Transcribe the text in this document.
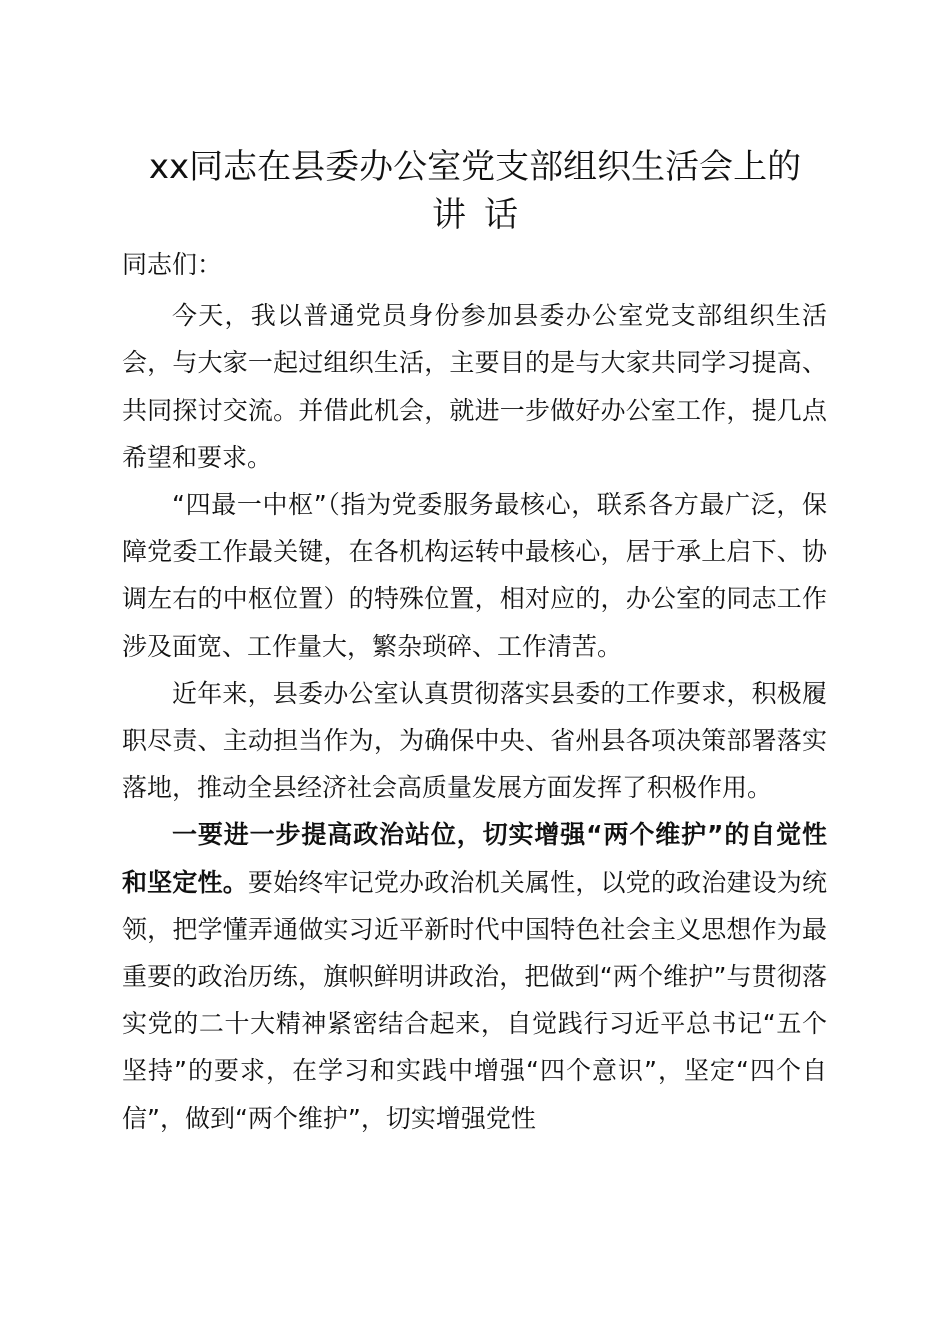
xx同志在县委办公室党支部组织生活会上的
讲话

同志们：

今天，我以普通党员身份参加县委办公室党支部组织生活会，与大家一起过组织生活，主要目的是与大家共同学习提高、共同探讨交流。并借此机会，就进一步做好办公室工作，提几点希望和要求。

“四最一中枢”（指为党委服务最核心，联系各方最广泛，保障党委工作最关键，在各机构运转中最核心，居于承上启下、协调左右的中枢位置）的特殊位置，相对应的，办公室的同志工作涉及面宽、工作量大，繁杂琐碎、工作清苦。

近年来，县委办公室认真贯彻落实县委的工作要求，积极履职尽责、主动担当作为，为确保中央、省州县各项决策部署落实落地，推动全县经济社会高质量发展方面发挥了积极作用。

一要进一步提高政治站位，切实增强“两个维护”的自觉性和坚定性。要始终牢记党办政治机关属性，以党的政治建设为统领，把学懂弄通做实习近平新时代中国特色社会主义思想作为最重要的政治历练，旗帜鲜明讲政治，把做到“两个维护”与贯彻落实党的二十大精神紧密结合起来，自觉践行习近平总书记“五个坚持”的要求，在学习和实践中增强“四个意识”，坚定“四个自信”，做到“两个维护”，切实增强党性
